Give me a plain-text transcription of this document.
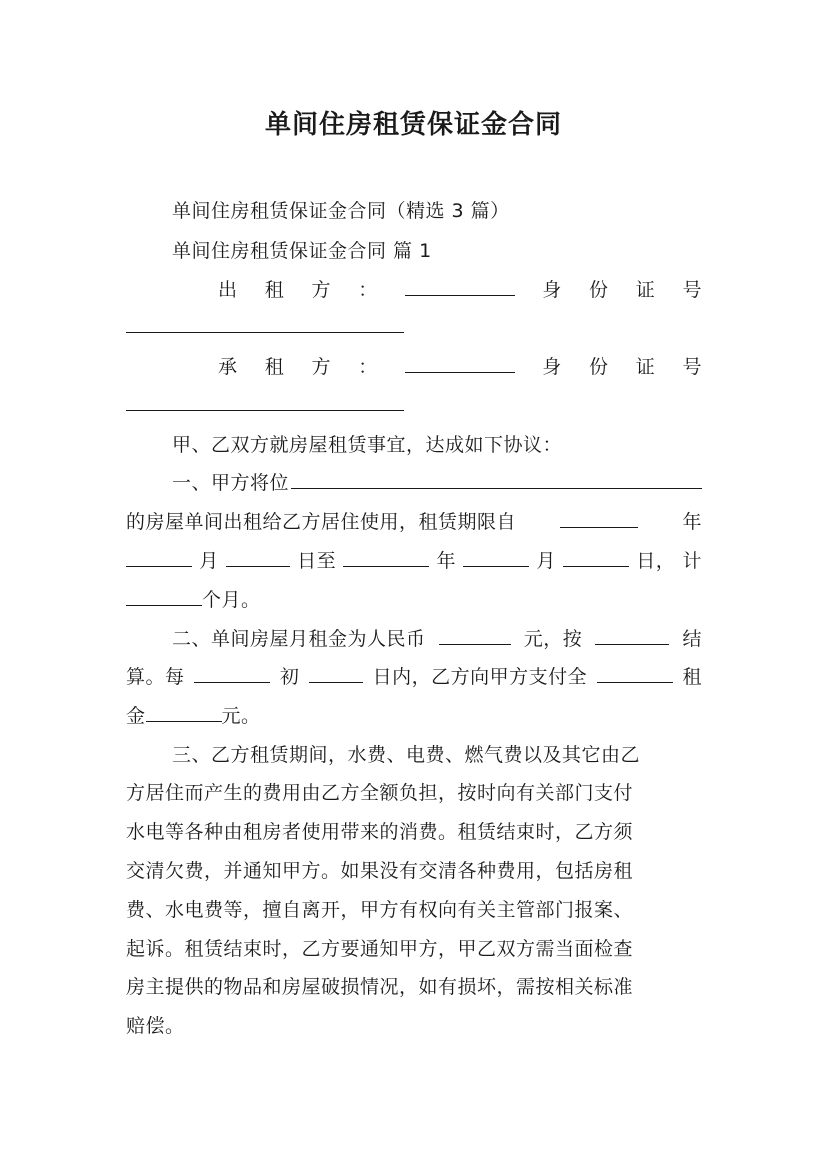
单间住房租赁保证金合同
单间住房租赁保证金合同（精选 3 篇）
单间住房租赁保证金合同 篇 1
出 租 方 ：	身 份 证 号
承 租 方 ：	身 份 证 号
甲、乙双方就房屋租赁事宜，达成如下协议：
一、甲方将位
的房屋单间出租给乙方居住使用，租赁期限自	年
月	日至	年	月	日， 计
个月。
二、单间房屋月租金为人民币	元，按	结
算。每	初	日内，乙方向甲方支付全	租
金	元。
三、乙方租赁期间，水费、电费、燃气费以及其它由乙
方居住而产生的费用由乙方全额负担，按时向有关部门支付
水电等各种由租房者使用带来的消费。租赁结束时，乙方须
交清欠费，并通知甲方。如果没有交清各种费用，包括房租
费、水电费等，擅自离开，甲方有权向有关主管部门报案、
起诉。租赁结束时，乙方要通知甲方，甲乙双方需当面检查
房主提供的物品和房屋破损情况，如有损坏，需按相关标准
赔偿。
